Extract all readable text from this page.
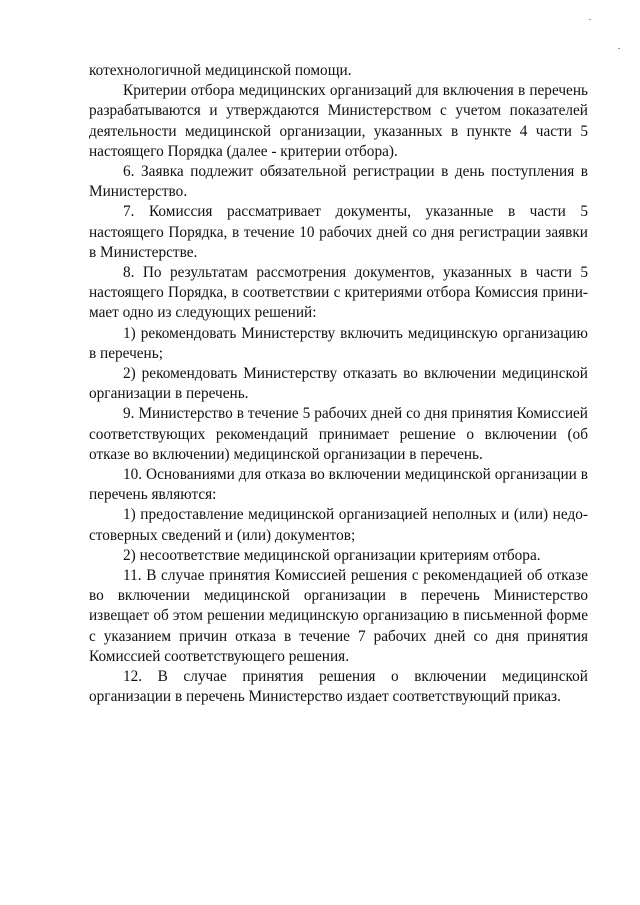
котехнологичной медицинской помощи.

Критерии отбора медицинских организаций для включения в перечень разрабатываются и утверждаются Министерством с учетом показателей деятельности медицинской организации, указанных в пункте 4 части 5 настоящего Порядка (далее - критерии отбора).

6. Заявка подлежит обязательной регистрации в день поступления в Министерство.

7. Комиссия рассматривает документы, указанные в части 5 настоящего Порядка, в течение 10 рабочих дней со дня регистрации заявки в Министерстве.

8. По результатам рассмотрения документов, указанных в части 5 настоящего Порядка, в соответствии с критериями отбора Комиссия принимает одно из следующих решений:

1) рекомендовать Министерству включить медицинскую организацию в перечень;

2) рекомендовать Министерству отказать во включении медицинской организации в перечень.

9. Министерство в течение 5 рабочих дней со дня принятия Комиссией соответствующих рекомендаций принимает решение о включении (об отказе во включении) медицинской организации в перечень.

10. Основаниями для отказа во включении медицинской организации в перечень являются:

1) предоставление медицинской организацией неполных и (или) недостоверных сведений и (или) документов;

2) несоответствие медицинской организации критериям отбора.

11. В случае принятия Комиссией решения с рекомендацией об отказе во включении медицинской организации в перечень Министерство извещает об этом решении медицинскую организацию в письменной форме с указанием причин отказа в течение 7 рабочих дней со дня принятия Комиссией соответствующего решения.

12. В случае принятия решения о включении медицинской организации в перечень Министерство издает соответствующий приказ.
